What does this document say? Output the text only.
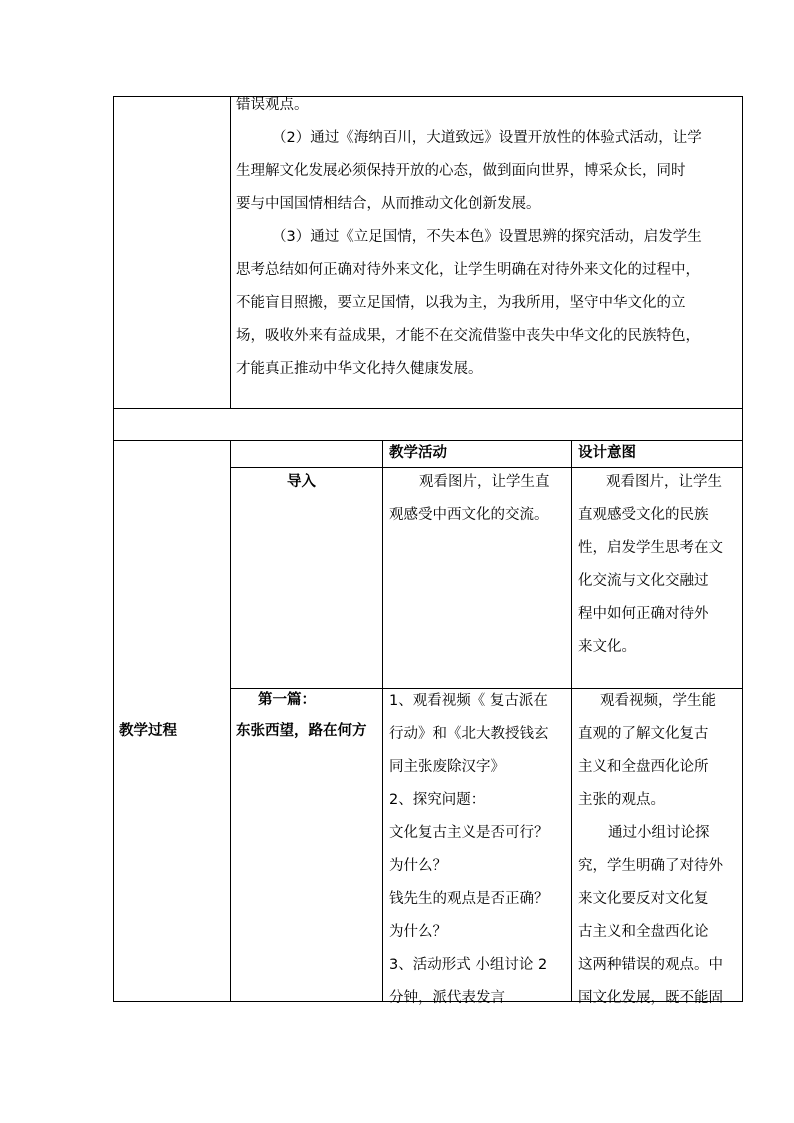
错误观点。
（2）通过《海纳百川，大道致远》设置开放性的体验式活动，让学
生理解文化发展必须保持开放的心态，做到面向世界，博采众长，同时
要与中国国情相结合，从而推动文化创新发展。
（3）通过《立足国情，不失本色》设置思辨的探究活动，启发学生
思考总结如何正确对待外来文化，让学生明确在对待外来文化的过程中，
不能盲目照搬，要立足国情，以我为主，为我所用，坚守中华文化的立
场，吸收外来有益成果，才能不在交流借鉴中丧失中华文化的民族特色，
才能真正推动中华文化持久健康发展。
教学过程
教学活动	设计意图
导入	观看图片，让学生直
观感受中西文化的交流。
观看图片，让学生
直观感受文化的民族
性，启发学生思考在文
化交流与文化交融过
程中如何正确对待外
来文化。
第一篇：
东张西望，路在何方
1、观看视频《 复古派在
行动》和《北大教授钱玄
同主张废除汉字》
2、探究问题：
文化复古主义是否可行？
为什么？
钱先生的观点是否正确？
为什么？
3、活动形式 小组讨论 2
分钟，派代表发言
观看视频，学生能
直观的了解文化复古
主义和全盘西化论所
主张的观点。
通过小组讨论探
究，学生明确了对待外
来文化要反对文化复
古主义和全盘西化论
这两种错误的观点。中
国文化发展，既不能固
